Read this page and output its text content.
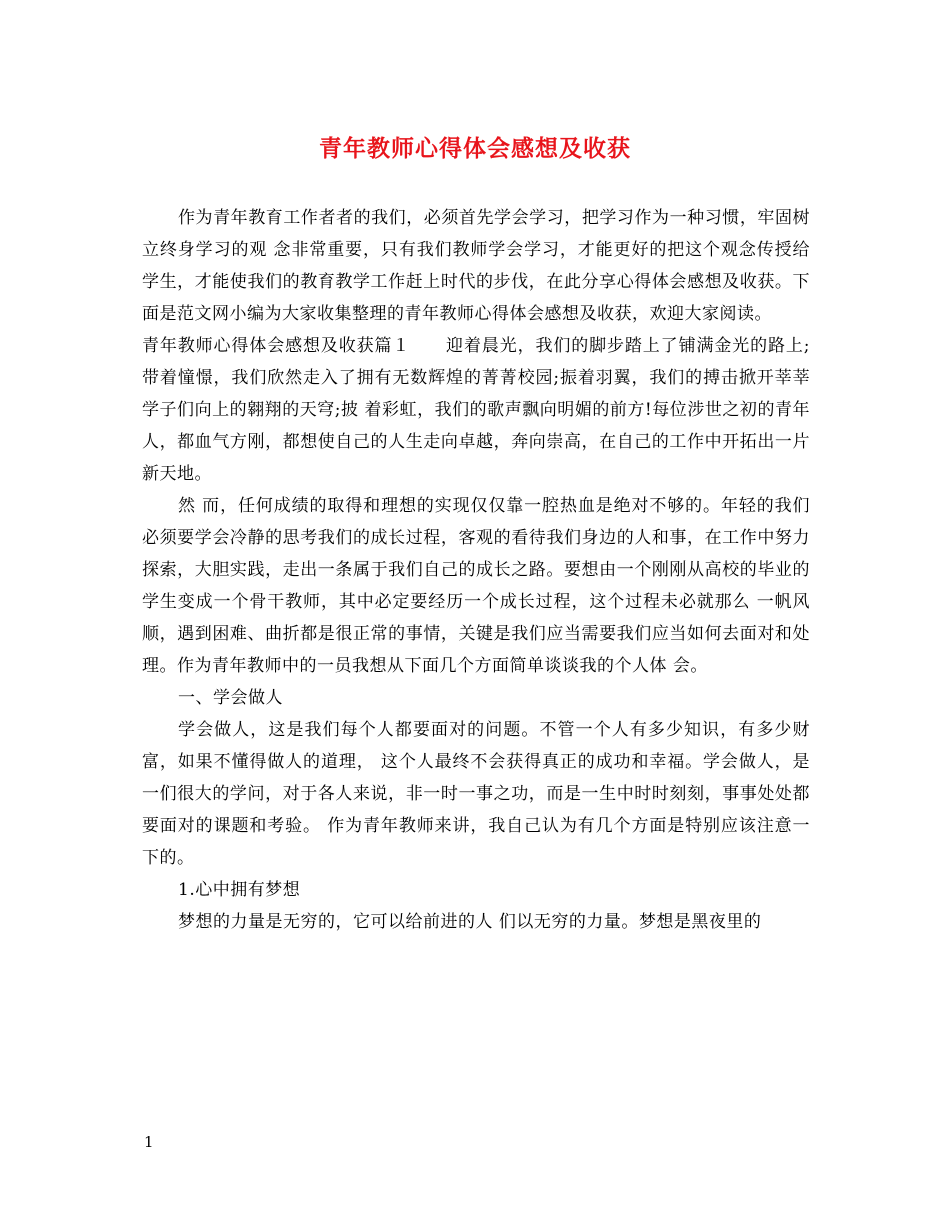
青年教师心得体会感想及收获

作为青年教育工作者者的我们，必须首先学会学习，把学习作为一种习惯，牢固树立终身学习的观 念非常重要，只有我们教师学会学习，才能更好的把这个观念传授给学生，才能使我们的教育教学工作赶上时代的步伐，在此分享心得体会感想及收获。下面是范文网小编为大家收集整理的青年教师心得体会感想及收获，欢迎大家阅读。

青年教师心得体会感想及收获篇１　　迎着晨光，我们的脚步踏上了铺满金光的路上;带着憧憬，我们欣然走入了拥有无数辉煌的菁菁校园;振着羽翼，我们的搏击掀开莘莘学子们向上的翱翔的天穹;披 着彩虹，我们的歌声飘向明媚的前方!每位涉世之初的青年人，都血气方刚，都想使自己的人生走向卓越，奔向崇高，在自己的工作中开拓出一片新天地。

然 而，任何成绩的取得和理想的实现仅仅靠一腔热血是绝对不够的。年轻的我们必须要学会冷静的思考我们的成长过程，客观的看待我们身边的人和事，在工作中努力 探索，大胆实践，走出一条属于我们自己的成长之路。要想由一个刚刚从高校的毕业的学生变成一个骨干教师，其中必定要经历一个成长过程，这个过程未必就那么 一帆风顺，遇到困难、曲折都是很正常的事情，关键是我们应当需要我们应当如何去面对和处理。作为青年教师中的一员我想从下面几个方面简单谈谈我的个人体 会。

一、学会做人

学会做人，这是我们每个人都要面对的问题。不管一个人有多少知识，有多少财富，如果不懂得做人的道理， 这个人最终不会获得真正的成功和幸福。学会做人，是一们很大的学问，对于各人来说，非一时一事之功，而是一生中时时刻刻，事事处处都要面对的课题和考验。 作为青年教师来讲，我自己认为有几个方面是特别应该注意一下的。

1.心中拥有梦想

梦想的力量是无穷的，它可以给前进的人 们以无穷的力量。梦想是黑夜里的

1
